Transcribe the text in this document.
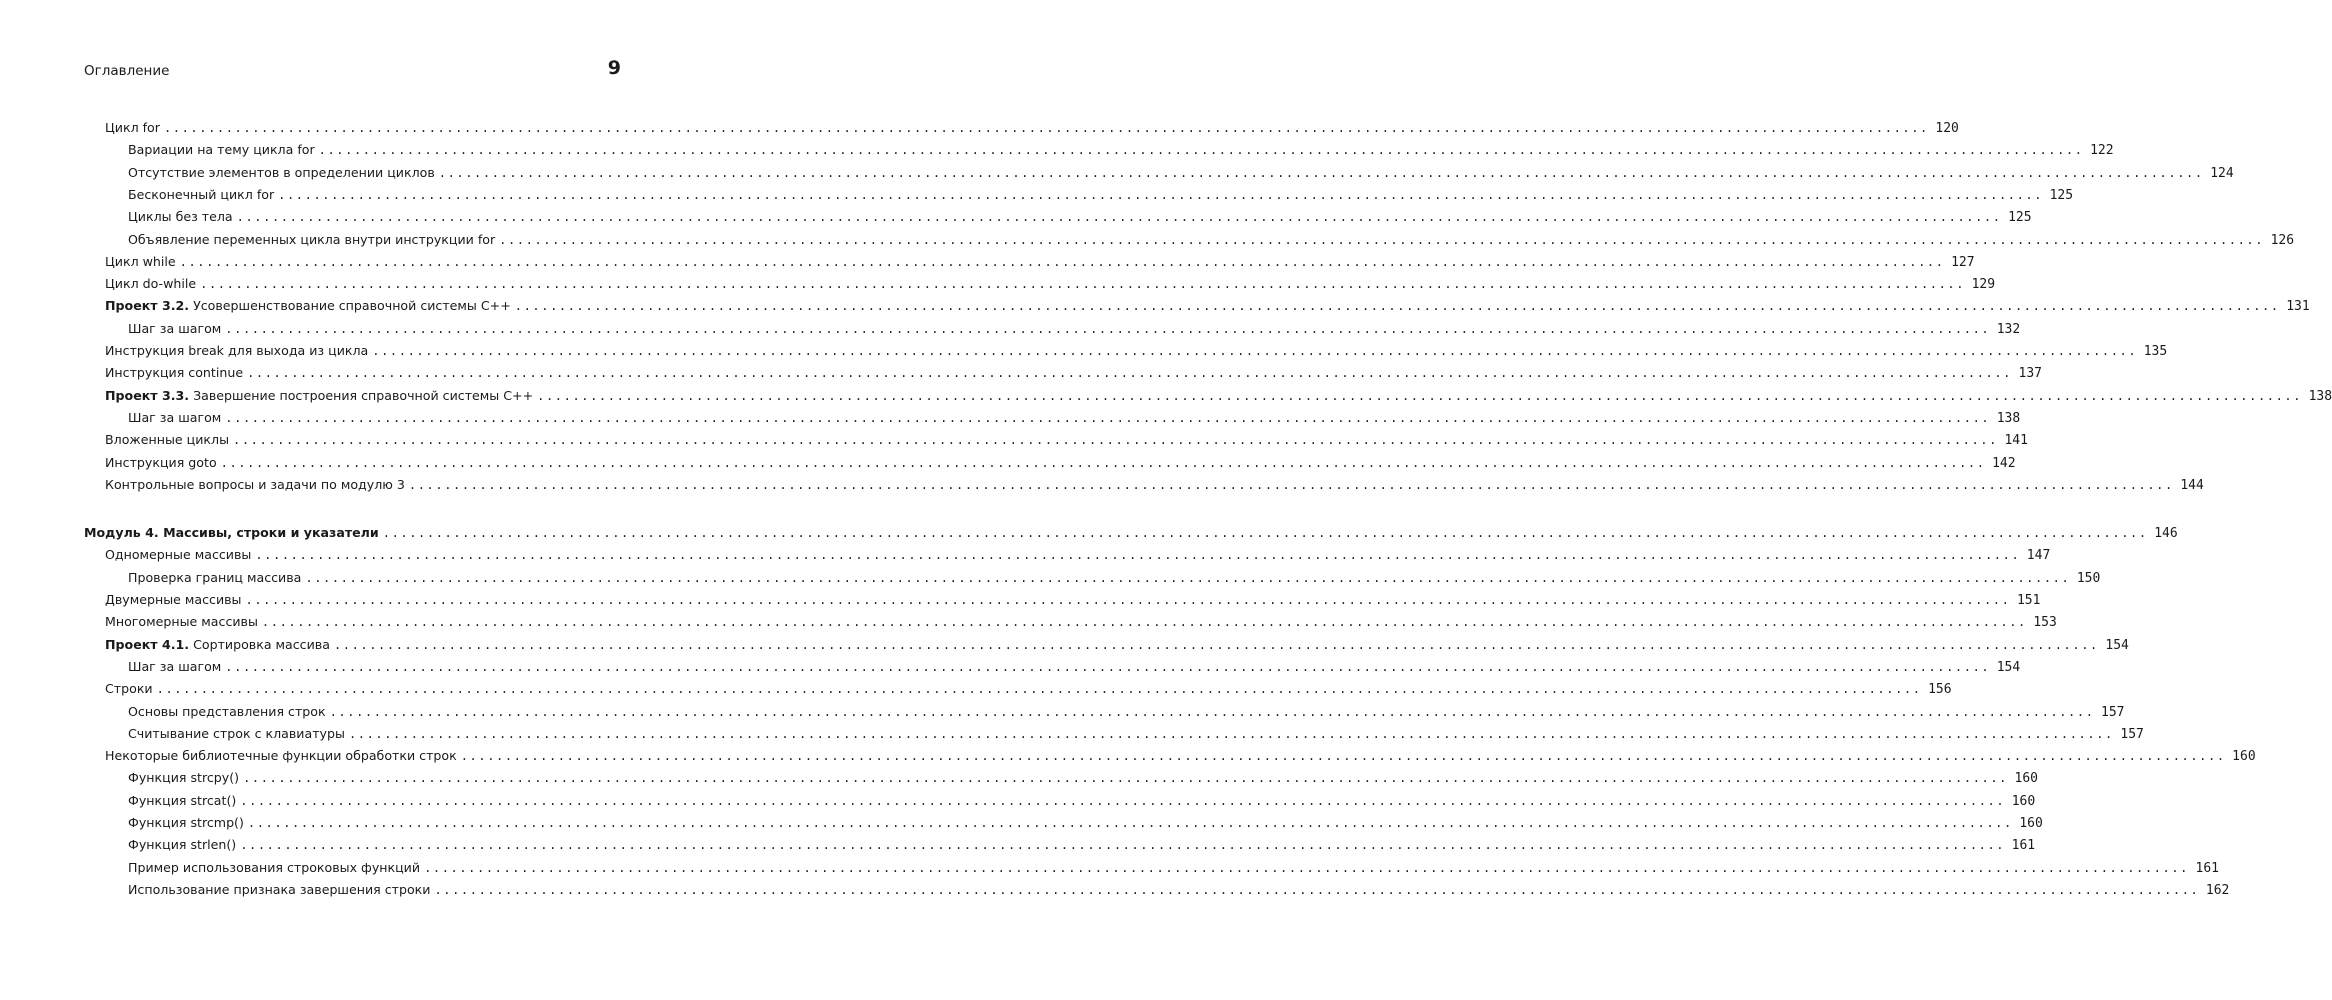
Оглавление	9
Цикл for ........................................................................................................................................................................................................ 120
Вариации на тему цикла for ........................................................................................................................................................................................................ 122
Отсутствие элементов в определении циклов ........................................................................................................................................................................................................ 124
Бесконечный цикл for ........................................................................................................................................................................................................ 125
Циклы без тела ........................................................................................................................................................................................................ 125
Объявление переменных цикла внутри инструкции for ........................................................................................................................................................................................................ 126
Цикл while ........................................................................................................................................................................................................ 127
Цикл do-while ........................................................................................................................................................................................................ 129
Проект 3.2. Усовершенствование справочной системы С++ ........................................................................................................................................................................................................ 131
Шаг за шагом ........................................................................................................................................................................................................ 132
Инструкция break для выхода из цикла ........................................................................................................................................................................................................ 135
Инструкция continue ........................................................................................................................................................................................................ 137
Проект 3.3. Завершение построения справочной системы С++ ........................................................................................................................................................................................................ 138
Шаг за шагом ........................................................................................................................................................................................................ 138
Вложенные циклы ........................................................................................................................................................................................................ 141
Инструкция goto ........................................................................................................................................................................................................ 142
Контрольные вопросы и задачи по модулю 3 ........................................................................................................................................................................................................ 144
Модуль 4. Массивы, строки и указатели ........................................................................................................................................................................................................ 146
Одномерные массивы ........................................................................................................................................................................................................ 147
Проверка границ массива ........................................................................................................................................................................................................ 150
Двумерные массивы ........................................................................................................................................................................................................ 151
Многомерные массивы ........................................................................................................................................................................................................ 153
Проект 4.1. Сортировка массива ........................................................................................................................................................................................................ 154
Шаг за шагом ........................................................................................................................................................................................................ 154
Строки ........................................................................................................................................................................................................ 156
Основы представления строк ........................................................................................................................................................................................................ 157
Считывание строк с клавиатуры ........................................................................................................................................................................................................ 157
Некоторые библиотечные функции обработки строк ........................................................................................................................................................................................................ 160
Функция strcpy() ........................................................................................................................................................................................................ 160
Функция strcat() ........................................................................................................................................................................................................ 160
Функция strcmp() ........................................................................................................................................................................................................ 160
Функция strlen() ........................................................................................................................................................................................................ 161
Пример использования строковых функций ........................................................................................................................................................................................................ 161
Использование признака завершения строки ........................................................................................................................................................................................................ 162
